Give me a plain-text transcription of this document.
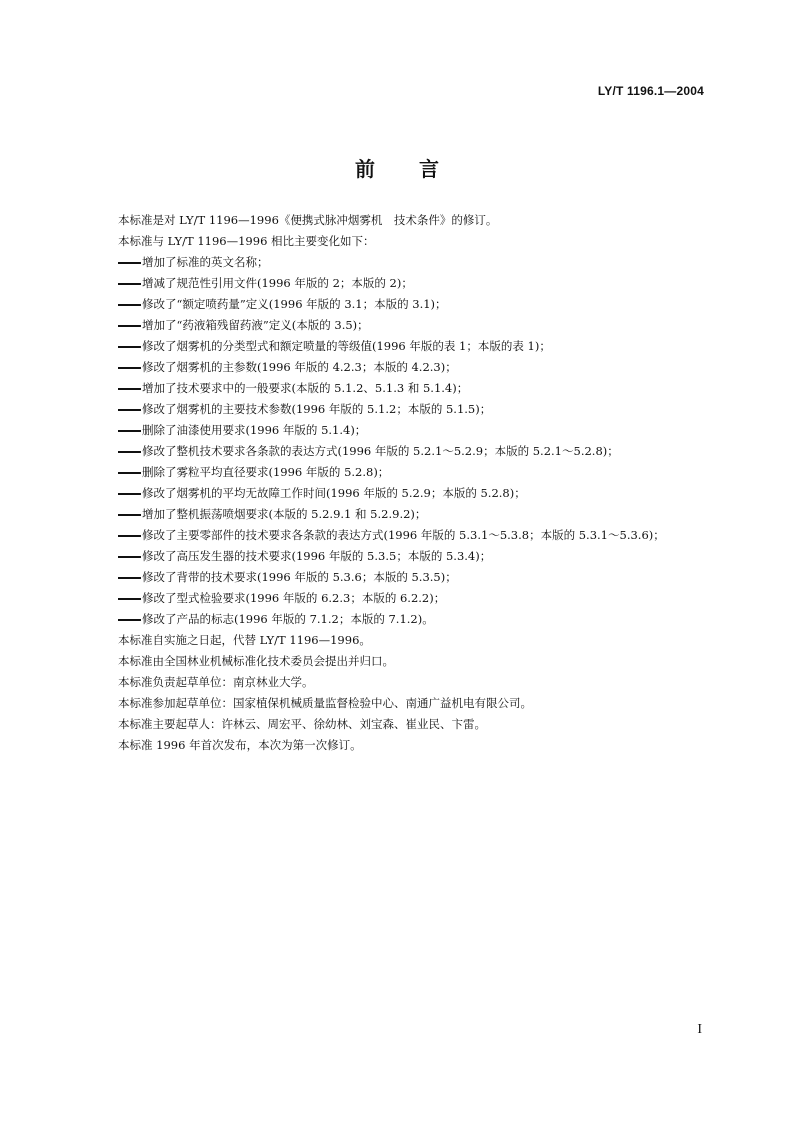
LY/T 1196.1—2004
前言
本标准是对 LY/T 1196—1996《便携式脉冲烟雾机　技术条件》的修订。
本标准与 LY/T 1196—1996 相比主要变化如下：
增加了标准的英文名称；
增减了规范性引用文件(1996 年版的 2；本版的 2)；
修改了“额定喷药量”定义(1996 年版的 3.1；本版的 3.1)；
增加了“药液箱残留药液”定义(本版的 3.5)；
修改了烟雾机的分类型式和额定喷量的等级值(1996 年版的表 1；本版的表 1)；
修改了烟雾机的主参数(1996 年版的 4.2.3；本版的 4.2.3)；
增加了技术要求中的一般要求(本版的 5.1.2、5.1.3 和 5.1.4)；
修改了烟雾机的主要技术参数(1996 年版的 5.1.2；本版的 5.1.5)；
删除了油漆使用要求(1996 年版的 5.1.4)；
修改了整机技术要求各条款的表达方式(1996 年版的 5.2.1～5.2.9；本版的 5.2.1～5.2.8)；
删除了雾粒平均直径要求(1996 年版的 5.2.8)；
修改了烟雾机的平均无故障工作时间(1996 年版的 5.2.9；本版的 5.2.8)；
增加了整机振荡喷烟要求(本版的 5.2.9.1 和 5.2.9.2)；
修改了主要零部件的技术要求各条款的表达方式(1996 年版的 5.3.1～5.3.8；本版的 5.3.1～5.3.6)；
修改了高压发生器的技术要求(1996 年版的 5.3.5；本版的 5.3.4)；
修改了背带的技术要求(1996 年版的 5.3.6；本版的 5.3.5)；
修改了型式检验要求(1996 年版的 6.2.3；本版的 6.2.2)；
修改了产品的标志(1996 年版的 7.1.2；本版的 7.1.2)。
本标准自实施之日起，代替 LY/T 1196—1996。
本标准由全国林业机械标准化技术委员会提出并归口。
本标准负责起草单位：南京林业大学。
本标准参加起草单位：国家植保机械质量监督检验中心、南通广益机电有限公司。
本标准主要起草人：许林云、周宏平、徐幼林、刘宝森、崔业民、卞雷。
本标准 1996 年首次发布，本次为第一次修订。
I
